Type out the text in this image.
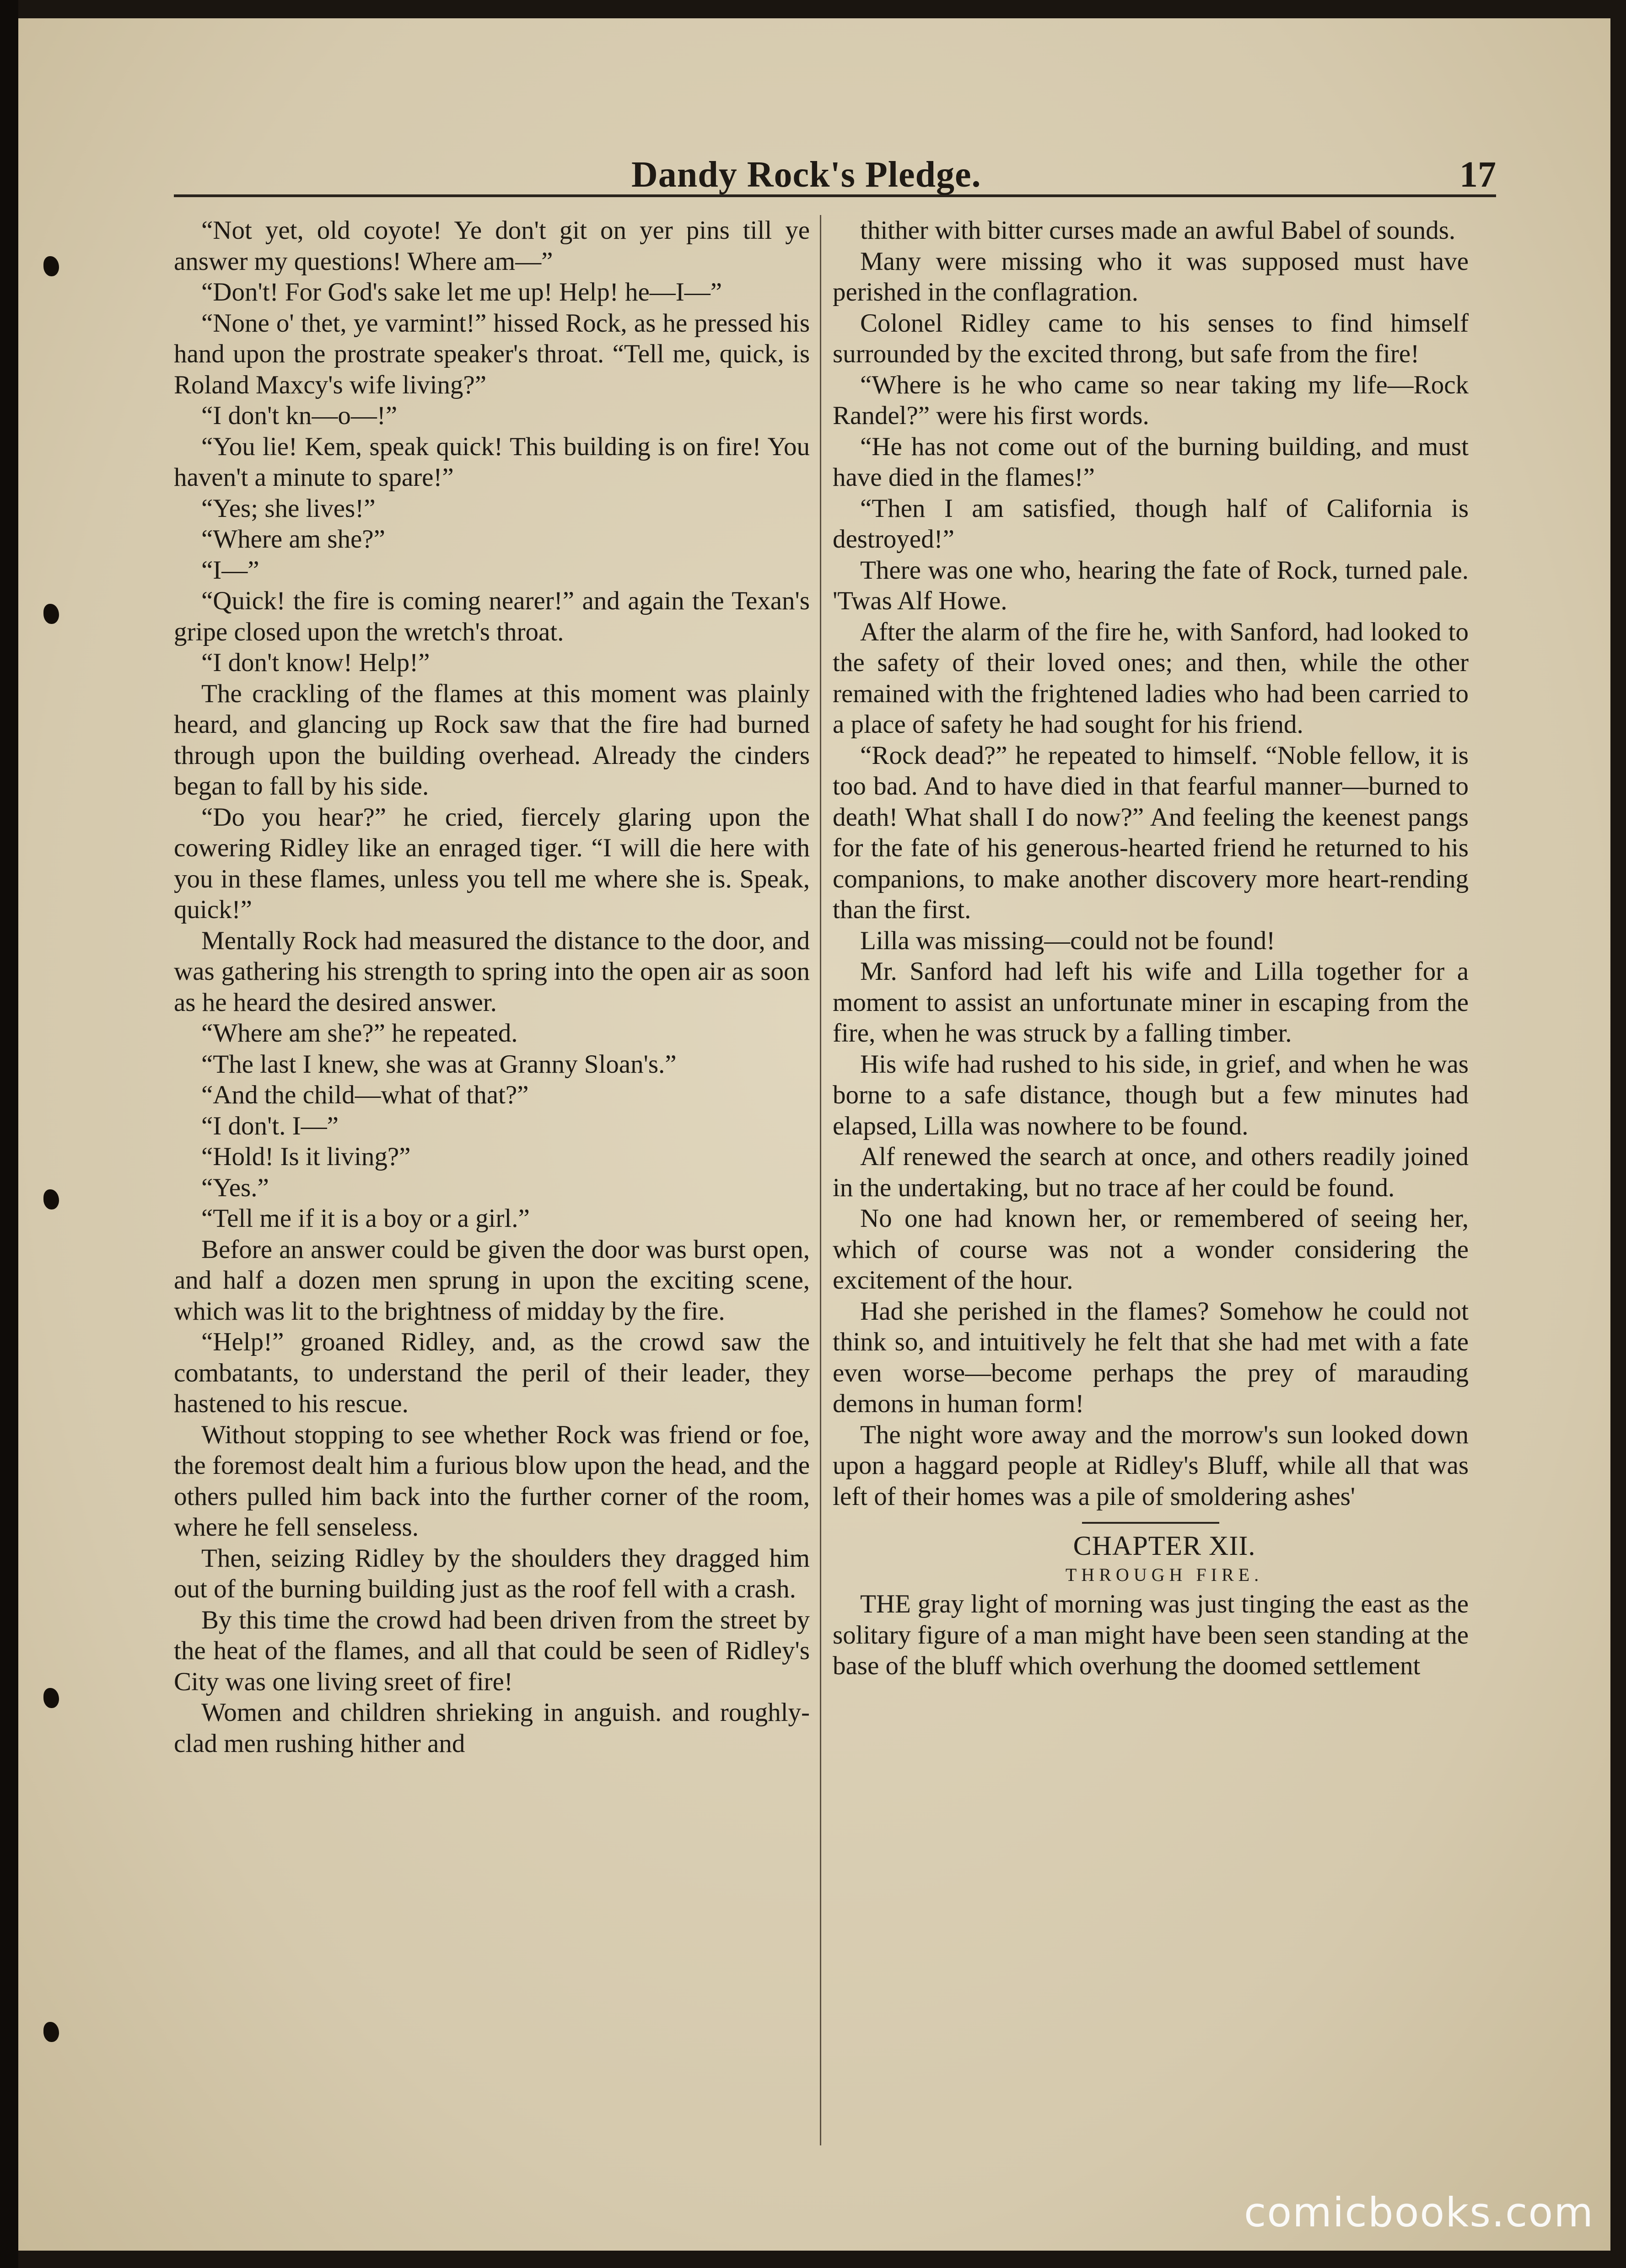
Dandy Rock's Pledge.	17

“Not yet, old coyote! Ye don't git on yer pins till ye answer my questions! Where am—”

“Don't! For God's sake let me up! Help! he—I—”

“None o' thet, ye varmint!” hissed Rock, as he pressed his hand upon the prostrate speaker's throat. “Tell me, quick, is Roland Maxcy's wife living?”

“I don't kn—o—!”

“You lie! Kem, speak quick! This building is on fire! You haven't a minute to spare!”

“Yes; she lives!”

“Where am she?”

“I—”

“Quick! the fire is coming nearer!” and again the Texan's gripe closed upon the wretch's throat.

“I don't know! Help!”

The crackling of the flames at this moment was plainly heard, and glancing up Rock saw that the fire had burned through upon the building overhead. Already the cinders began to fall by his side.

“Do you hear?” he cried, fiercely glaring upon the cowering Ridley like an enraged tiger. “I will die here with you in these flames, unless you tell me where she is. Speak, quick!”

Mentally Rock had measured the distance to the door, and was gathering his strength to spring into the open air as soon as he heard the desired answer.

“Where am she?” he repeated.

“The last I knew, she was at Granny Sloan's.”

“And the child—what of that?”

“I don't. I—”

“Hold! Is it living?”

“Yes.”

“Tell me if it is a boy or a girl.”

Before an answer could be given the door was burst open, and half a dozen men sprung in upon the exciting scene, which was lit to the brightness of midday by the fire.

“Help!” groaned Ridley, and, as the crowd saw the combatants, to understand the peril of their leader, they hastened to his rescue.

Without stopping to see whether Rock was friend or foe, the foremost dealt him a furious blow upon the head, and the others pulled him back into the further corner of the room, where he fell senseless.

Then, seizing Ridley by the shoulders they dragged him out of the burning building just as the roof fell with a crash.

By this time the crowd had been driven from the street by the heat of the flames, and all that could be seen of Ridley's City was one living sreet of fire!

Women and children shrieking in anguish. and roughly-clad men rushing hither and

thither with bitter curses made an awful Babel of sounds.

Many were missing who it was supposed must have perished in the conflagration.

Colonel Ridley came to his senses to find himself surrounded by the excited throng, but safe from the fire!

“Where is he who came so near taking my life—Rock Randel?” were his first words.

“He has not come out of the burning building, and must have died in the flames!”

“Then I am satisfied, though half of California is destroyed!”

There was one who, hearing the fate of Rock, turned pale. 'Twas Alf Howe.

After the alarm of the fire he, with Sanford, had looked to the safety of their loved ones; and then, while the other remained with the frightened ladies who had been carried to a place of safety he had sought for his friend.

“Rock dead?” he repeated to himself. “Noble fellow, it is too bad. And to have died in that fearful manner—burned to death! What shall I do now?” And feeling the keenest pangs for the fate of his generous-hearted friend he returned to his companions, to make another discovery more heart-rending than the first.

Lilla was missing—could not be found!

Mr. Sanford had left his wife and Lilla together for a moment to assist an unfortunate miner in escaping from the fire, when he was struck by a falling timber.

His wife had rushed to his side, in grief, and when he was borne to a safe distance, though but a few minutes had elapsed, Lilla was nowhere to be found.

Alf renewed the search at once, and others readily joined in the undertaking, but no trace af her could be found.

No one had known her, or remembered of seeing her, which of course was not a wonder considering the excitement of the hour.

Had she perished in the flames? Somehow he could not think so, and intuitively he felt that she had met with a fate even worse—become perhaps the prey of marauding demons in human form!

The night wore away and the morrow's sun looked down upon a haggard people at Ridley's Bluff, while all that was left of their homes was a pile of smoldering ashes'

CHAPTER XII.

THROUGH FIRE.

THE gray light of morning was just tinging the east as the solitary figure of a man might have been seen standing at the base of the bluff which overhung the doomed settlement

comicbooks.com
